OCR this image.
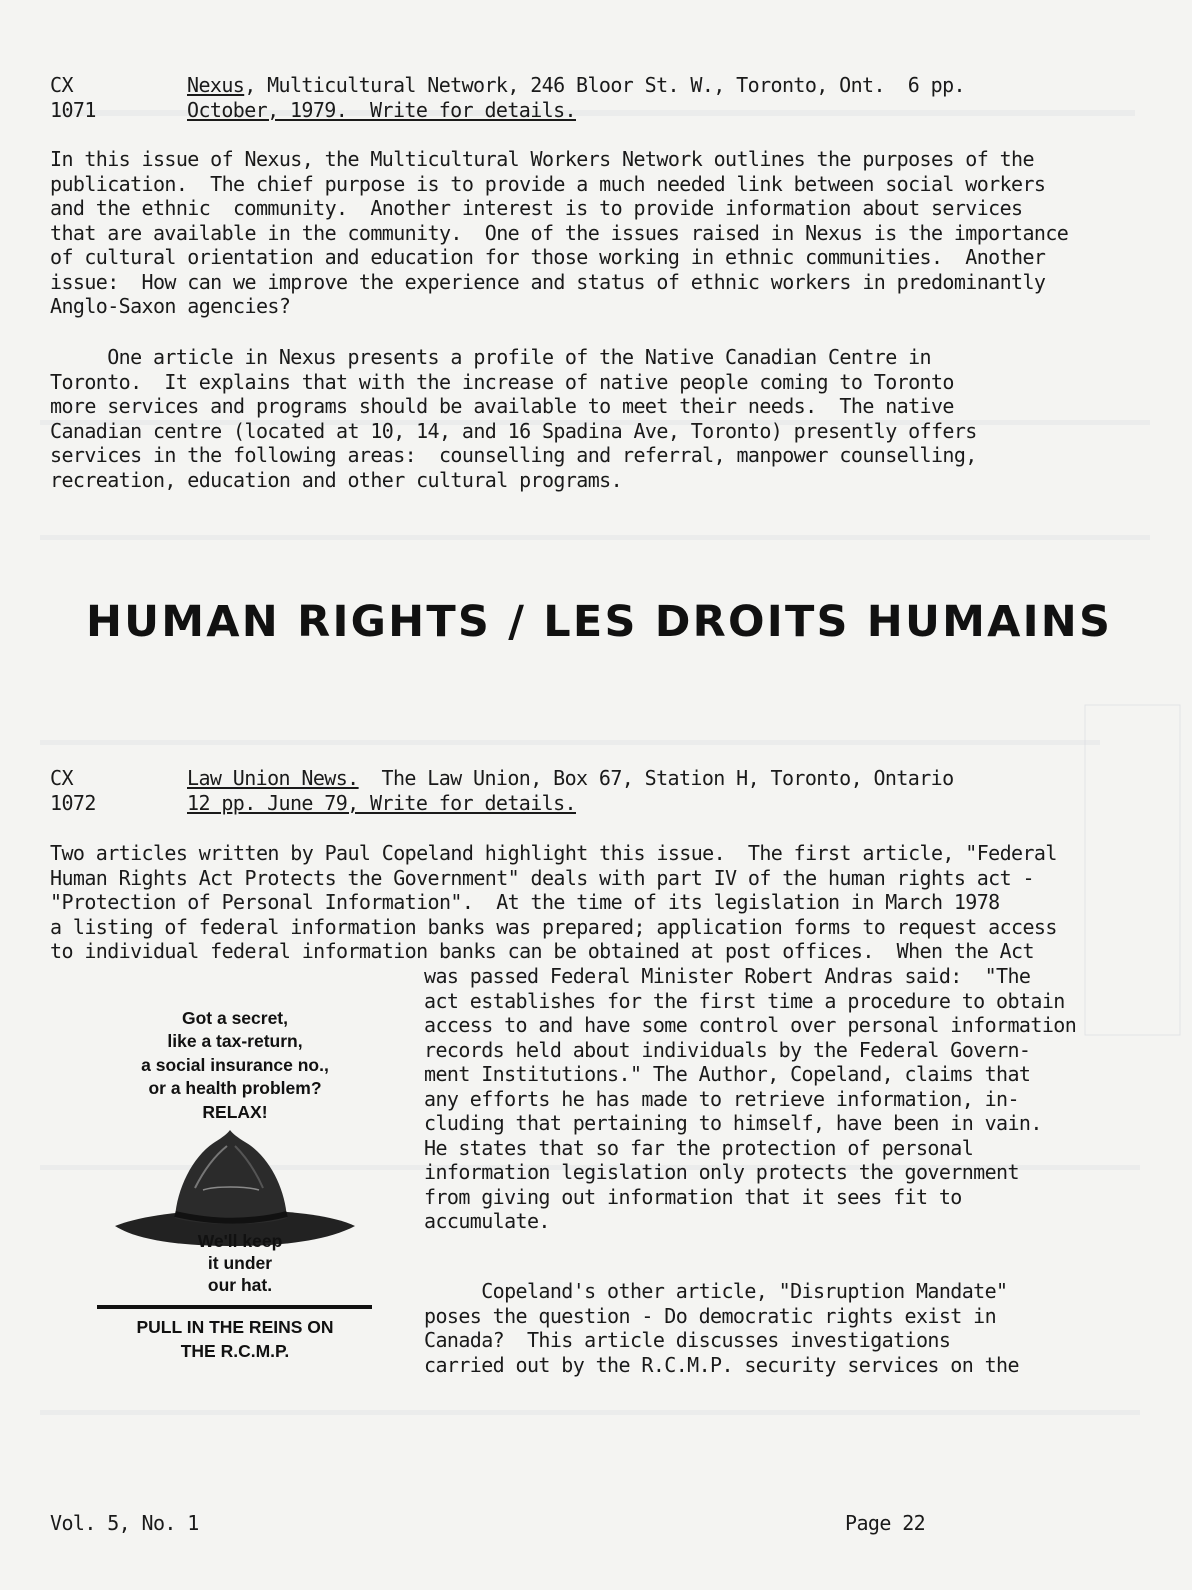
CX
1071
Nexus, Multicultural Network, 246 Bloor St. W., Toronto, Ont.  6 pp.
October, 1979.  Write for details.
In this issue of Nexus, the Multicultural Workers Network outlines the purposes of the
publication.  The chief purpose is to provide a much needed link between social workers
and the ethnic  community.  Another interest is to provide information about services
that are available in the community.  One of the issues raised in Nexus is the importance
of cultural orientation and education for those working in ethnic communities.  Another
issue:  How can we improve the experience and status of ethnic workers in predominantly
Anglo-Saxon agencies?
One article in Nexus presents a profile of the Native Canadian Centre in
Toronto.  It explains that with the increase of native people coming to Toronto
more services and programs should be available to meet their needs.  The native
Canadian centre (located at 10, 14, and 16 Spadina Ave, Toronto) presently offers
services in the following areas:  counselling and referral, manpower counselling,
recreation, education and other cultural programs.
HUMAN RIGHTS / LES DROITS HUMAINS
CX
1072
Law Union News.  The Law Union, Box 67, Station H, Toronto, Ontario
12 pp. June 79, Write for details.
Two articles written by Paul Copeland highlight this issue.  The first article, "Federal
Human Rights Act Protects the Government" deals with part IV of the human rights act -
"Protection of Personal Information".  At the time of its legislation in March 1978
a listing of federal information banks was prepared; application forms to request access
to individual federal information banks can be obtained at post offices.  When the Act
was passed Federal Minister Robert Andras said:  "The
act establishes for the first time a procedure to obtain
access to and have some control over personal information
records held about individuals by the Federal Govern-
ment Institutions." The Author, Copeland, claims that
any efforts he has made to retrieve information, in-
cluding that pertaining to himself, have been in vain.
He states that so far the protection of personal
information legislation only protects the government
from giving out information that it sees fit to
accumulate.
Copeland's other article, "Disruption Mandate"
poses the question - Do democratic rights exist in
Canada?  This article discusses investigations
carried out by the R.C.M.P. security services on the
Got a secret,
like a tax-return,
a social insurance no.,
or a health problem?
RELAX!
We'll keep
it under
our hat.
PULL IN THE REINS ON
THE R.C.M.P.
Vol. 5, No. 1	Page 22
